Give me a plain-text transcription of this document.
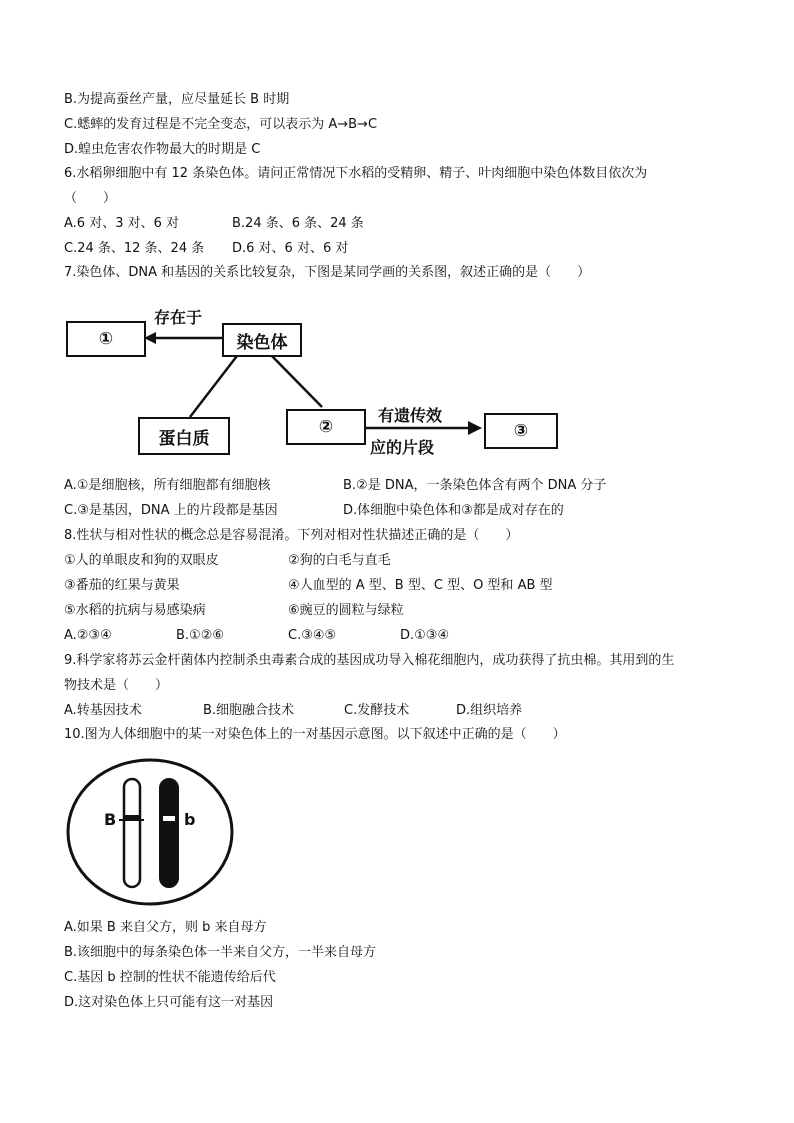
B.为提高蚕丝产量，应尽量延长 B 时期
C.蟋蟀的发育过程是不完全变态，可以表示为 A→B→C
D.蝗虫危害农作物最大的时期是 C
6.水稻卵细胞中有 12 条染色体。请问正常情况下水稻的受精卵、精子、叶肉细胞中染色体数目依次为
（　　）
A.6 对、3 对、6 对	B.24 条、6 条、24 条
C.24 条、12 条、24 条 D.6 对、6 对、6 对
7.染色体、DNA 和基因的关系比较复杂，下图是某同学画的关系图，叙述正确的是（　　）
存在于
①	染色体
蛋白质
②
有遗传效
应的片段
③
A.①是细胞核，所有细胞都有细胞核	B.②是 DNA，一条染色体含有两个 DNA 分子
C.③是基因，DNA 上的片段都是基因	D.体细胞中染色体和③都是成对存在的
8.性状与相对性状的概念总是容易混淆。下列对相对性状描述正确的是（　　）
①人的单眼皮和狗的双眼皮	②狗的白毛与直毛
③番茄的红果与黄果	④人血型的 A 型、B 型、C 型、O 型和 AB 型
⑤水稻的抗病与易感染病	⑥豌豆的圆粒与绿粒
A.②③④	B.①②⑥	C.③④⑤	D.①③④
9.科学家将苏云金杆菌体内控制杀虫毒素合成的基因成功导入棉花细胞内，成功获得了抗虫棉。其用到的生
物技术是（　　）
A.转基因技术	B.细胞融合技术	C.发酵技术	D.组织培养
10.图为人体细胞中的某一对染色体上的一对基因示意图。以下叙述中正确的是（　　）
B	b
A.如果 B 来自父方，则 b 来自母方
B.该细胞中的每条染色体一半来自父方，一半来自母方
C.基因 b 控制的性状不能遗传给后代
D.这对染色体上只可能有这一对基因
